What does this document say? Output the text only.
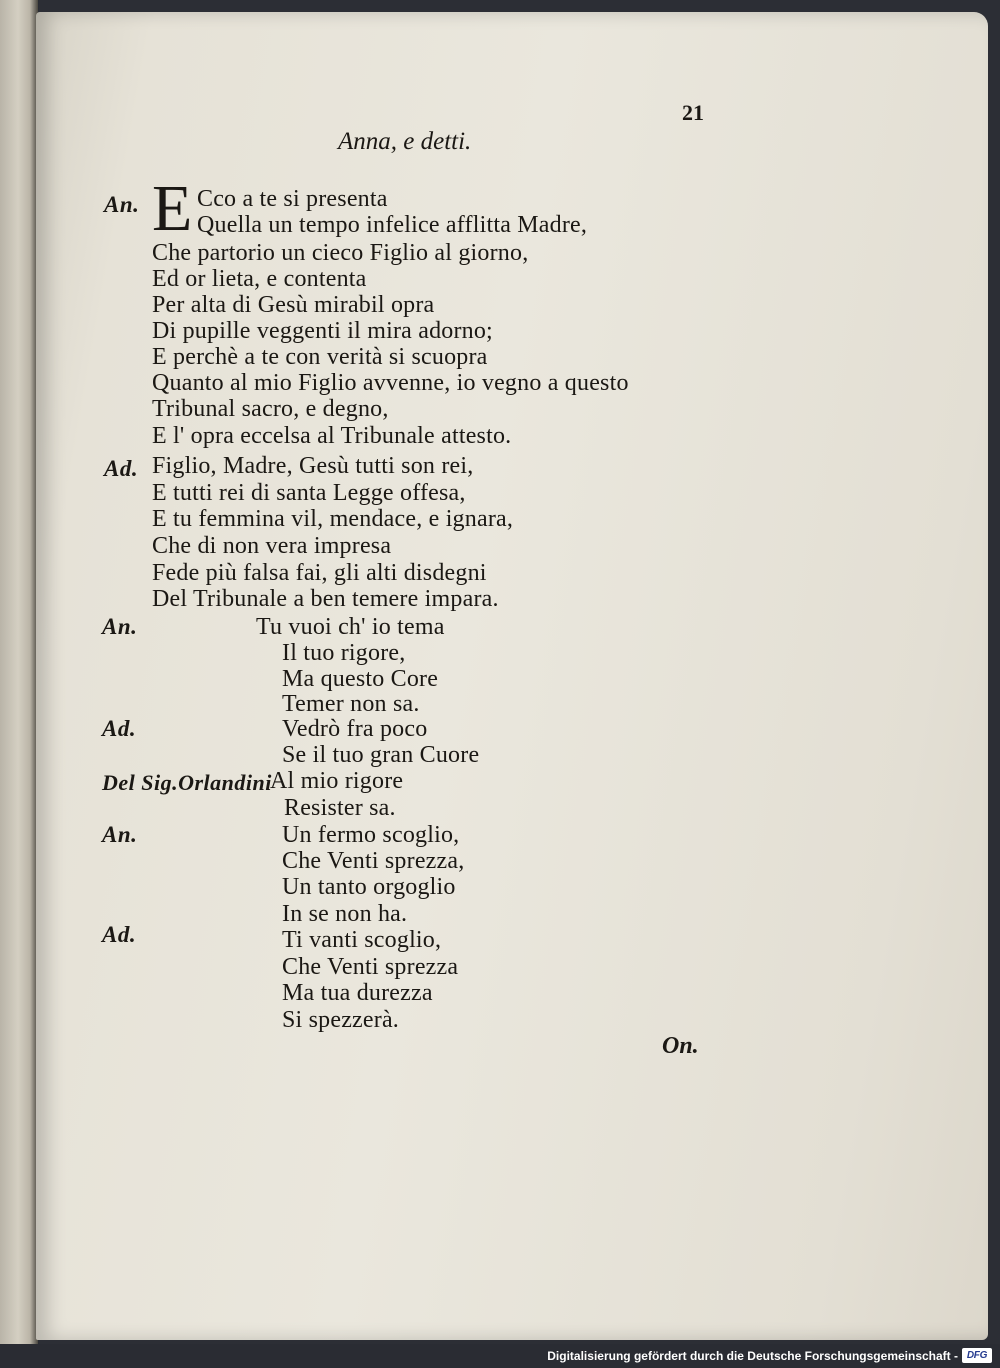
21
Anna, e detti.
An.
Ad.
An.
Ad.
Del Sig.Orlandini
An.
Ad.
E Cco a te si presenta
Quella un tempo infelice afflitta Madre,
Che partorio un cieco Figlio al giorno,
Ed or lieta, e contenta
Per alta di Gesù mirabil opra
Di pupille veggenti il mira adorno;
E perchè a te con verità si scuopra
Quanto al mio Figlio avvenne, io vegno a questo
Tribunal sacro, e degno,
E l' opra eccelsa al Tribunale attesto.
Figlio, Madre, Gesù tutti son rei,
E tutti rei di santa Legge offesa,
E tu femmina vil, mendace, e ignara,
Che di non vera impresa
Fede più falsa fai, gli alti disdegni
Del Tribunale a ben temere impara.
Tu vuoi ch' io tema
Il tuo rigore,
Ma questo Core
Temer non sa.
Vedrò fra poco
Se il tuo gran Cuore
Al mio rigore
Resister sa.
Un fermo scoglio,
Che Venti sprezza,
Un tanto orgoglio
In se non ha.
Ti vanti scoglio,
Che Venti sprezza
Ma tua durezza
Si spezzerà.
On.
Digitalisierung gefördert durch die Deutsche Forschungsgemeinschaft - DFG
